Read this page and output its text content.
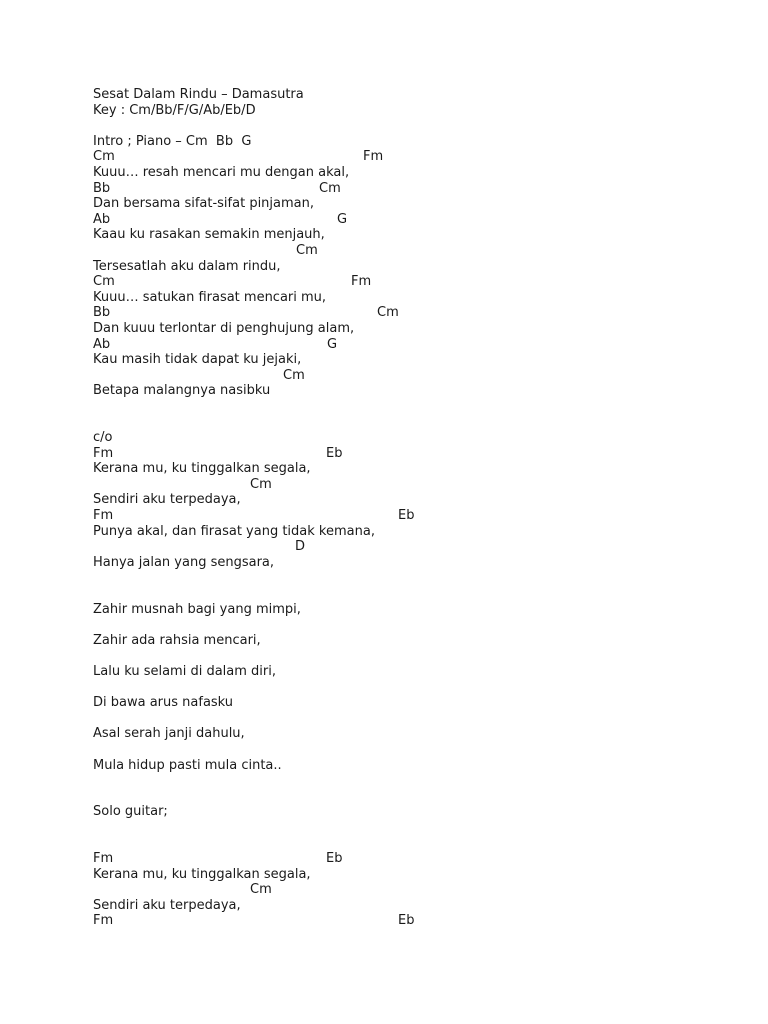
Sesat Dalam Rindu – Damasutra
Key : Cm/Bb/F/G/Ab/Eb/D
Intro ; Piano – Cm  Bb  G
Cm	Fm
Kuuu… resah mencari mu dengan akal,
Bb	Cm
Dan bersama sifat-sifat pinjaman,
Ab	G
Kaau ku rasakan semakin menjauh,
Cm
Tersesatlah aku dalam rindu,
Cm	Fm
Kuuu… satukan firasat mencari mu,
Bb	Cm
Dan kuuu terlontar di penghujung alam,
Ab	G
Kau masih tidak dapat ku jejaki,
Cm
Betapa malangnya nasibku
c/o
Fm	Eb
Kerana mu, ku tinggalkan segala,
Cm
Sendiri aku terpedaya,
Fm	Eb
Punya akal, dan firasat yang tidak kemana,
D
Hanya jalan yang sengsara,
Zahir musnah bagi yang mimpi,
Zahir ada rahsia mencari,
Lalu ku selami di dalam diri,
Di bawa arus nafasku
Asal serah janji dahulu,
Mula hidup pasti mula cinta..
Solo guitar;
Fm	Eb
Kerana mu, ku tinggalkan segala,
Cm
Sendiri aku terpedaya,
Fm	Eb
